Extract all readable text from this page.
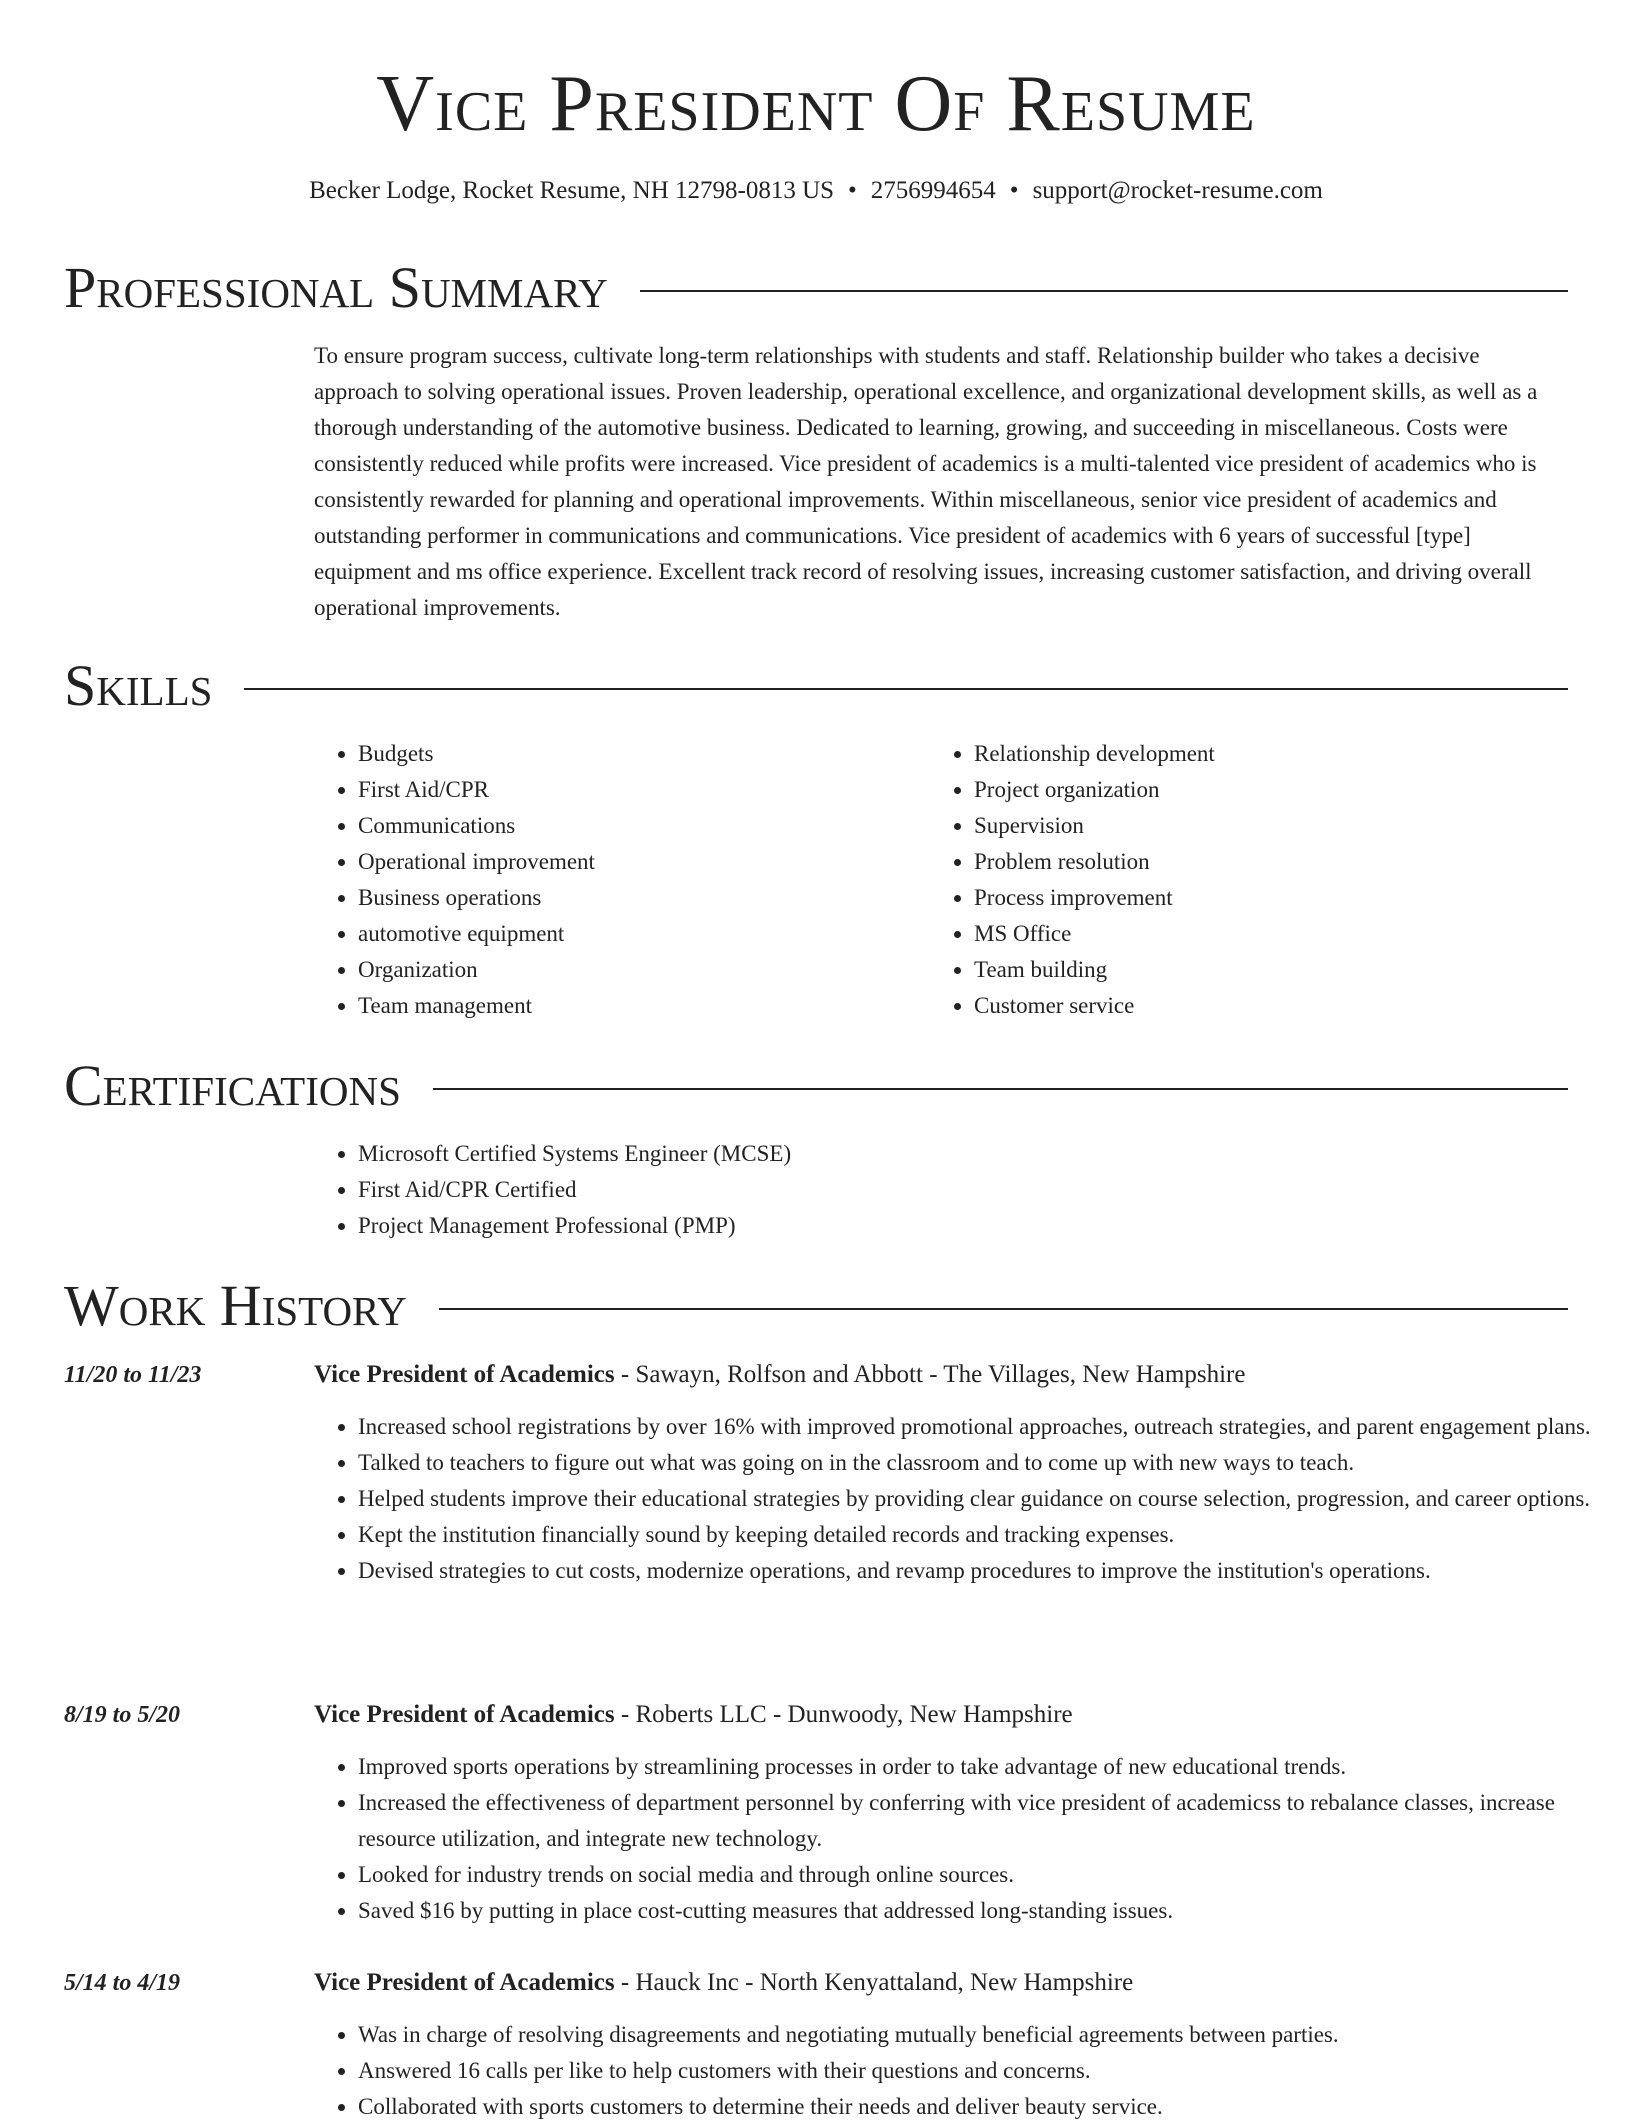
Vice President Of Resume
Becker Lodge, Rocket Resume, NH 12798-0813 US • 2756994654 • support@rocket-resume.com
Professional Summary

To ensure program success, cultivate long-term relationships with students and staff. Relationship builder who takes a decisive approach to solving operational issues. Proven leadership, operational excellence, and organizational development skills, as well as a thorough understanding of the automotive business. Dedicated to learning, growing, and succeeding in miscellaneous. Costs were consistently reduced while profits were increased. Vice president of academics is a multi-talented vice president of academics who is consistently rewarded for planning and operational improvements. Within miscellaneous, senior vice president of academics and outstanding performer in communications and communications. Vice president of academics with 6 years of successful [type] equipment and ms office experience. Excellent track record of resolving issues, increasing customer satisfaction, and driving overall operational improvements.

Skills
• Budgets
• First Aid/CPR
• Communications
• Operational improvement
• Business operations
• automotive equipment
• Organization
• Team management
• Relationship development
• Project organization
• Supervision
• Problem resolution
• Process improvement
• MS Office
• Team building
• Customer service
Certifications
• Microsoft Certified Systems Engineer (MCSE)
• First Aid/CPR Certified
• Project Management Professional (PMP)
Work History
11/20 to 11/23	Vice President of Academics - Sawayn, Rolfson and Abbott - The Villages, New Hampshire
• Increased school registrations by over 16% with improved promotional approaches, outreach strategies, and parent engagement plans.
• Talked to teachers to figure out what was going on in the classroom and to come up with new ways to teach.
• Helped students improve their educational strategies by providing clear guidance on course selection, progression, and career options.
• Kept the institution financially sound by keeping detailed records and tracking expenses.
• Devised strategies to cut costs, modernize operations, and revamp procedures to improve the institution's operations.
8/19 to 5/20	Vice President of Academics - Roberts LLC - Dunwoody, New Hampshire
• Improved sports operations by streamlining processes in order to take advantage of new educational trends.
• Increased the effectiveness of department personnel by conferring with vice president of academicss to rebalance classes, increase resource utilization, and integrate new technology.
• Looked for industry trends on social media and through online sources.
• Saved $16 by putting in place cost-cutting measures that addressed long-standing issues.
5/14 to 4/19	Vice President of Academics - Hauck Inc - North Kenyattaland, New Hampshire
• Was in charge of resolving disagreements and negotiating mutually beneficial agreements between parties.
• Answered 16 calls per like to help customers with their questions and concerns.
• Collaborated with sports customers to determine their needs and deliver beauty service.
